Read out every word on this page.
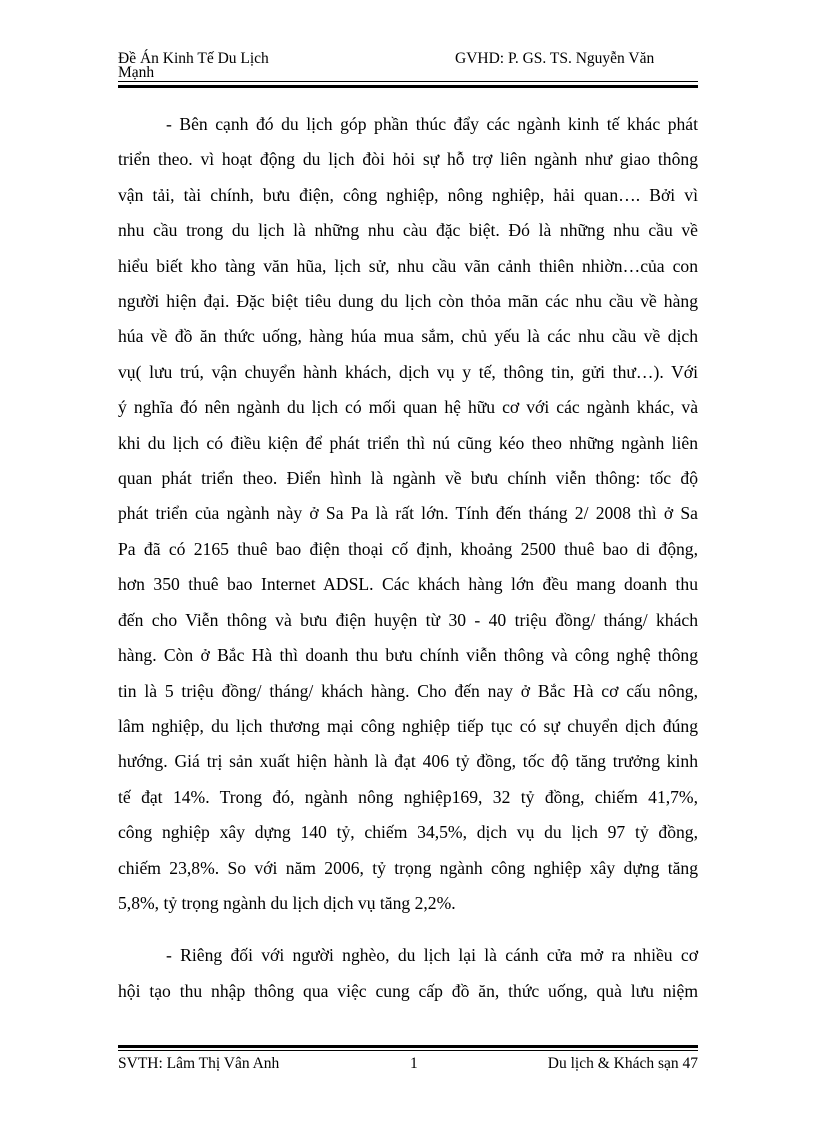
Đề Án Kinh Tế Du Lịch	GVHD: P. GS. TS. Nguyễn Văn
Mạnh
- Bên cạnh đó du lịch góp phần thúc đẩy các ngành kinh tế khác phát
triển theo. vì hoạt động du lịch đòi hỏi sự hỗ trợ liên ngành như giao thông
vận tải, tài chính, bưu điện, công nghiệp, nông nghiệp, hải quan…. Bởi vì
nhu cầu trong du lịch là những nhu càu đặc biệt. Đó là những nhu cầu về
hiểu biết kho tàng văn hũa, lịch sử, nhu cầu vãn cảnh thiên nhiờn…của con
người hiện đại. Đặc biệt tiêu dung du lịch còn thỏa mãn các nhu cầu về hàng
húa về đồ ăn thức uống, hàng húa mua sắm, chủ yếu là các nhu cầu về dịch
vụ( lưu trú, vận chuyển hành khách, dịch vụ y tế, thông tin, gửi thư…). Với
ý nghĩa đó nên ngành du lịch có mối quan hệ hữu cơ với các ngành khác, và
khi du lịch có điều kiện để phát triển thì nú cũng kéo theo những ngành liên
quan phát triển theo. Điển hình là ngành về bưu chính viễn thông: tốc độ
phát triển của ngành này ở Sa Pa là rất lớn. Tính đến tháng 2/ 2008 thì ở Sa
Pa đã có 2165 thuê bao điện thoại cố định, khoảng 2500 thuê bao di động,
hơn 350 thuê bao Internet ADSL. Các khách hàng lớn đều mang doanh thu
đến cho Viễn thông và bưu điện huyện từ 30 - 40 triệu đồng/ tháng/ khách
hàng. Còn ở Bắc Hà thì doanh thu bưu chính viễn thông và công nghệ thông
tin là 5 triệu đồng/ tháng/ khách hàng. Cho đến nay ở Bắc Hà cơ cấu nông,
lâm nghiệp, du lịch thương mại công nghiệp tiếp tục có sự chuyển dịch đúng
hướng. Giá trị sản xuất hiện hành là đạt 406 tỷ đồng, tốc độ tăng trưởng kinh
tế đạt 14%. Trong đó, ngành nông nghiệp169, 32 tỷ đồng, chiếm 41,7%,
công nghiệp xây dựng 140 tỷ, chiếm 34,5%, dịch vụ du lịch 97 tỷ đồng,
chiếm 23,8%. So với năm 2006, tỷ trọng ngành công nghiệp xây dựng tăng
5,8%, tỷ trọng ngành du lịch dịch vụ tăng 2,2%.
- Riêng đối với người nghèo, du lịch lại là cánh cửa mở ra nhiều cơ
hội tạo thu nhập thông qua việc cung cấp đồ ăn, thức uống, quà lưu niệm
SVTH: Lâm Thị Vân Anh	1	Du lịch & Khách sạn 47
